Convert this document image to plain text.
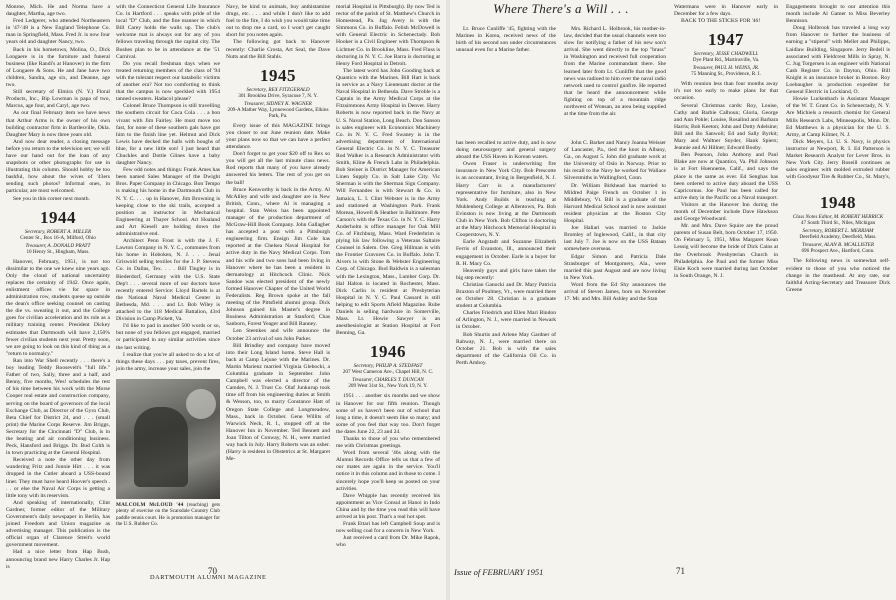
Monroe, Mich. He and Norma have a daughter, Martha, age two.

Fred Ledgerer, who attended Northeastern in '47-'48 is a New England Telephone Co. man in Springfield, Mass. Fred Jr. is now four years old and daughter Nancy, two.

Back in his hometown, Molina, O., Dick Longaere is in the furniture and funeral business (like Randi's at Hanover) in the firm of Longaere & Sons. He and Jane have two children, Sandra, age six, and Deanne, age two.

Still secretary of Elmira (N. Y.) Floral Products, Inc., Bip Lowman is papa of two, Marcus, age four, and Caryl, age two.

As our final February item we have news that Arthur Arms is the owner of his own building contractor firm in Bartlesville, Okla. Daughter Mary is now three years old.

And now dear reader, a closing message before you return to the television set; we will have our hand out for the loan of any snapshots or other photographs for use in illustrating this column. Should hobby be too bashful, how about the wives of '43ers sending such photos? Informal ones, in particular, are most welcomed.

See you in this corner next month.

1944
Secretary, ROBERT A. MILLER
Center St., Box 16-A, Milford, Ohio
Treasurer, A. DONALD PRATT
10 Henry St., Hingham, Mass.

Hanover, February, 1951, is not too dissimilar to the one we knew nine years ago. Only the cloud of national uncertainty replaces the certainty of 1942. Once again, enlistment offices vie for space in administration row, students queue up outside the dean's office seeking counsel on casting the die vs. sweating it out, and the College goes for civilian acceleration and its role as a military training center. President Dickey estimates that Dartmouth will have 2,150% fewer civilian students next year. Pretty soon, we are going to look on this kind of thing as a "return to normalcy."

Ran into War Shell recently . . . there's a boy leading Teddy Roosevelt's "full life." Father of two, Sally, three and a half, and Benny, five months, Wes! schedules the rest of his time between his work with the Morse Cooper real estate and construction company, serving on the board of governors of the local Exchange Club, as Director of the Gyro Club, Beta Chief for District 24, and . . . (small print) the Marine Corps Reserve. Jim Briggs, Secretary for the Cincinnati "D" Club, is in the beating and air conditioning business. Peck, Hansford and Briggs. Dr. Bud Colth is in town practicing at the General Hospital.

Received a note the other day from wandering Fritz and Jonnie Hirt . . . it was dropped in the Cutler aboard a USS-bound liner. They must have heard Hoover's speech . . . or else the Naval Air Corps is getting a little tony with its reservists.

And speaking of internationally, Clint Gardner, former editor of the Military Government's daily newspaper in Berlin, has joined Freedom and Union magazine as advertising manager. This publication is the official organ of Clarence Streit's world government movement.

Had a nice letter from Hap Bush, announcing brand new Harry Charles Jr. Hap is

with the Connecticut General Life Insurance Co. in Hartford . . . speaks with pride of the local "D" Club, and the fine manner in which Bill Carey holds the walls up. The club's welcome mat is always out for any of you fellows traveling through the capital city. The Bushes plan to be in attendance at the '51 Carnival.

Do you recall freshman days when we treated returning members of the class of '94 with the tolerant respect our katabolic victims of another era? Not too comforting to think that the campus is now speckled with 1954 tanned sweaters. Hadacol please?

Colonel Bruce Thompson is still travelling the southern circuit for Coca Cola . . . a bon vivant with Jim Fairley. He must move too fast, for none of these southern gals have got him to the finish line yet. Helmut and Dick Lewis have decked the halls with boughs of blue, for a new little son! I just heard that Chuckles and Dottie Glines have a baby daughter Nancy.

Few odd notes and things: Frank Ames has been named Sales Manager of the Dwight Bros. Paper Company in Chicago. Bon Tempo is making his home in the Dartmouth Club in N. Y. C. . . . up in Hanover, Jim Browning is keeping close to the ski trails, accepted a position as instructor in Mechanical Engineering at Thayer School. Art Hoaland and Art Kiesell are holding down the administrative end.

Architect Penn Frost is with the J. F. Lawton Company in N. Y. C., commutes from his home in Hoboken, N. J. . . . Jenal Griswold selling textiles for the J. P. Stevens Co. in Dallas, Tex. . . . Bill Tingley is in Biederdorf, Germany with the U.S. State Dep't . . . several more of our doctors have recently entered Service: Lloyd Bartels is at the National Naval Medical Center in Bethesda, Md. . . . and Lt. Bob Wiley is attached to the 118 Medical Battalion, 43rd Division in Camp Pickett, Va.

I'd like to pad in another 500 words or so, but none of you fellows got engaged, married or participated in any similar activities since the last writing.

I realize that you're all asked to do a lot of things these days . . . pay taxes, prevent fires, join the army, increase your sales, join the

MALCOLM McLOUD '44 (reaching) gets plenty of exercise on the Scarsdale Country Club paddle tennis court. He is promotion manager for the U.S. Rubber Co.

Navy, be kind to animals, buy anthistamine drugs, etc. . . . and while I don't like to add fuel to the fire, I do wish you would take time out to drop me a card, so I won't get caught short for you notes again.

The following got back to Hanover recently: Charlie Crosta, Art Seal, the Dave Nutts and the Bill Stahls.

1945
Secretary, REX FITZGERALD
301 Brooklea Drive, Syracuse 7, N. Y.
Treasurer, SIDNEY K. WAGNER
209-A Mather Way, Lynnewood Gardens, Elkins Park, Pa.

Every issue of this MAGAZINE brings you closer to our June reunion date. Make your plans now so that we can have a perfect attendance.

Don't forget to get your $20 off to Rex so you will get all the last minute class news. Rod reports that many of you have already answered his letters. The rest of you get on the ball!

Bruce Kenworthy is back in the Army. Al McAliley and wife and daughter are in New British, Conn., where Al is managing a hospital. Stan Weiss has been appointed manager of the production department of McGraw-Hill Book Company. John Gallagher has accepted a post with a Pittsburgh engineering firm. Ensign Jim Cole has reported at the Chelsea Naval Hospital for active duty in the Navy Medical Corps. Tom and his wife and two sons had been living in Hanover where he has been a resident in dermatology at Hitchcock Clinic. Nick Sandoe was elected president of the newly formed Hanover Chapter of the United World Federalists. Reg Brown spoke at the fall meeting of the Pittsfield alumni group. Dick Johnson gained his Master's degree in Business Administration at Stanford; Chas Sanborn, Forest Yeager and Bill Ranney.

Len Steenkes and wife announce the October 23 arrival of son John Parker.

Bill Brindley and company have moved into their Long Island home. Steve Hall is back at Camp Lejune with the Marines. Dr. Martin Marienz married Virginia Glebocki, a Columbia graduate in September. John Campbell was elected a director of the Camden, N. J. Trust Co. Olaf Junkurup took time off from his engineering duties at Smith & Wesson, too, to marry Constance Hatt of Oregon State College and Longmeadow, Mass., back in October. Gene Willits of Warwick Neck, R. I., stopped off at the Hanover Inn in November. Ted Bennett and Joan Tilton of Conway, N. H., were married way back in July. Harry Roberts was an usher. (Harry is resident in Obstetrics at St. Margaret Me-

morial Hospital in Pittsburgh). By now Ted is rector of the parish of St. Matthew's Church in Homestead, Pa. Jug Avery is with the Simmons Co. in Buffalo. Felish McDowell is with General Electric in Schenectady. Bob Hooker is a Civil Engineer with Thompson & Lichtner Co. in Brookline, Mass. Fred Fluss is doctoring in N. Y. C. Joe Barra is doctoring at Henry Ford Hospital in Detroit.

The latest word has John Gooding back at Quantico with the Marines. Bill Hart is back in service as a Navy Lieutenant doctor at the Naval Hospital in Bethesda. Dave Stroble is a Captain in the Army Medical Corps at the Fitzsimmons Army Hospital in Denver. Harry Roberts is now reported back in the Navy at U. S. Naval Station, Long Beach. Don Sanson is sales engineer with Economics Machinery Co. in N. Y. C. Fred Swaney is in the advertising department of International General Electric Co. in N. Y. C. Treasurer Rod Walker is a Research Administrator with Smith, Kline & French Labs in Philadelphia. Bob Steiner is District Manager for American Linen Supply Co. in Salt Lake City. Vic Sherman is with the Sherman Sign Company. Will Fernandes is with Stewart & Co. in Jamaica, L. I. Clint Webster is in the Army and stationed at Washington Park. Frank Moreau, Howell & Heather in Baltimore. Pete Carson's with the Texas Co. in N. Y. C. Harry Anderholm is office manager for Oak Mill Co. of Fitchburg, Mass. Ward Frederhrim is plying his law following a Veterans Saltaire Counsel in Salem. Ore. Greg Hillman is with the Frontier Gravures Co. in Buffalo. John T. Alvers is with Stone & Webster Engineering Corp. of Chicago. Bud Baldwin is a salesman with the Lexington, Mass., Lumber Corp. Dr. Hal Halton is located in Rochester, Mass. Dick Carlin is resident at Presbyterian Hospital in N. Y. C. Paul Cassard is still helping to edit Sports Afield Magazine. Rube Daniels is selling hardware in Somerville, Mass. Lt. Howie Sawyer is an anesthesiologist at Station Hospital at Fort Benning, Ga.

1946
Secretary, PHILIP A. STEDFAST
207 West Cameron Ave., Chapel Hill, N. C.
Treasurer, CHARLES T. DUNCAN
209 West 31st St., New York 19, N. Y.

1951 . . . another six months and we show in Hanover for our fifth reunion. Though some of us haven't been out of school that long a time, it doesn't seem like so many; and some of you feel that way too. Don't forget the dates June 22, 23 and 24.

Thanks to those of you who remembered me with Christmas greetings.

Word from several '46s along with the Alumni Records Office tells us that a few of our mates are again in the service. You'll notice it in this column and in those to come. I sincerely hope you'll keep us posted on your activities.

Dave Whipple has recently received his appointment as Vice Consul at Hanoi in Indo China and by the time you read this will have arrived at his post. That's a real hot spot.

Frank Ettari has left Campbell Soup and is now selling coal for a concern in New York.

Just received a card from Dr. Mike Rapok, who

70
DARTMOUTH ALUMNI MAGAZINE
Where There's a Will . . .

Lt. Bruce Cunliffe '45, fighting with the Marines in Korea, received news of the birth of his second son under circumstances unusual even for a Marine father.

Mrs. Richard L. Holbrook, his mother-in-law, decided that the usual channels were too slow for notifying a father of his new son's arrival. She went directly to the top "brass" in Washington and received full cooperation from the Marine commandant there. She learned later from Lt. Cunliffe that the good news was radioed to him over the naval radio network used to control gunfire. He reported that he heard the announcement while fighting on top of a mountain ridge northwest of Wonsan, an area being supplied at the time from the air.

has been recalled to active duty, and is now doing neurosurgery and general surgery aboard the USS Haven in Korean waters.

Owen Fraser is underwriting fire insurance in New York City. Bob Prescotte is an accountant, living in Bergenfield, N. J. Harry Carr is a manufacturers' representative for furniture, also in New York. Andy Builds is teaching at Muhlenberg College at Allentown, Pa. Bob Evinston is now living at the Dartmouth Club in New York. Bob Clifton is doctoring at the Mary Hitchcock Memorial Hospital in Cooperstown, N. Y.

Earle Angstadt and Suzanne Elizabeth Ferris of Evanston, Ill., announced their engagement in October. Earle is a buyer for R. H. Macy Co.

Heavenly guys and girls have taken the big step recently:

Christian Ganocki and Dr. Mary Patricia Braxton of Poultney, Vt., were married there on October 28. Christian is a graduate student at Columbia.

Charles Friedrich and Ellen Mari Bindon of Arlington, N. J., were married in Newark in October.

Bob Shurtis and Arlene May Gardner of Rahway, N. J., were married there on October 21. Bob is with the sales department of the California Oil Co. in Perth Amboy.

John C. Barker and Nancy Joanna Weisser of Lancaster, Pa., tied the knot in Albany, Ga., on August 5. John did graduate work at the University of Oslo in Norway. Prior to his recall to the Navy he worked for Wallace Silversmiths in Wallingford, Conn.

Dr. William Birkhead has married to Mildred Paige French on October 1 in Middlebury, Vt. Bill is a graduate of the Harvard Medical School and is now assistant resident physician at the Boston City Hospital.

Joe Haliari was married to Jackie Bromley of Inglewood, Calif., in that city last July 7. Joe is now on the USS Bataan somewhere overseas.

Edgar Simon and Patricia Dale Strasburger of Montgomery, Ala., were married this past August and are now living in New York.

Word from the Ed Shy announces the arrival of Steven James, born on November 17. Mr. and Mrs. Bill Ashley and the Stan

Watermans were in Hanover early in December for a few days.

BACK TO THE STICKS FOR '46!

1947
Secretary, JESSE CHADWELL
Dye Plant Rd., Martinsville, Va.
Treasurer, PAUL H. WEINS, JR.
75 Manning St., Providence, R. I.

With reunion less than four months away it's not too early to make plans for that occasion.

Several Christmas cards: Roy, Louise, Cathy and Barbie Calhoun; Gloria, George and Ann Pohle; Louise, Rosalind and Barbara Harris; Bob Keeton; John and Dotty Adelsine; Bill and Bo Sanwoli; Ed and Sally Byrkit; Mary and Waltner Snyder, Hank Spiers; Jeannie and Al Hillner; Edward Booby.

Ben Pearson, John Anthony and Paul Blake are now at Quantico, Va. Phil Johnson is at Fort Huenneme, Calif., and says the place is the same as ever. Ed Senghas has been ordered to active duty aboard the USS Capricornus. Joe Paul has been called for active duty in the Pacific on a Naval transport.

Visitors at the Hanover Inn during the month of December include Dave Hawkson and George Woodward.

Mr. and Mrs. Dave Squire are the proud parents of Susan Belt, born October 17, 1950. On February 5, 1951, Miss Margaret Kean Lessig will become the bride of Dick Cains at the Overbrook Presbyterian Church in Philadelphia. Joe Paul and the former Miss Elsie Koch were married during last October in South Orange, N. J.

Engagements brought to our attention this month include Al Gamer to Miss Beverley Bennison.

Doug Holbrook has traveled a long way from Hanover to further the business of earning a "stipend" with Mellet and Philipps, Laidlaw Building, Singapore. Jerry Bedell is associated with Fieldcrest Mills in Spray, N. C. Jug Torgersen is an engineer with National Cash Register Co. in Dayton, Ohio. Bill Knight is an insurance broker in Boston. Roy Loebaugher is production expediter for General Electric in Lockland, O.

Howie Luckenbach is Assistant Manager of the W. T. Grant Co. in Schenectady, N. Y. Are Michiels a research chemist for General Mills Research Labs, Minneapolis, Minn. Dr. Ed Matthews is a physician for the U. S. Army, at Camp Kilmer, N. J.

Dick Meyers, Lt. U. S. Navy, is physics instructor at Newport, R. I. Ed Patterson is Market Research Analyst for Lever Bros. in New York City. Jerry Roseill continues as sales engineer with molded extruded rubber with Goodyear Tire & Rubber Co., St. Mary's, O.

1948
Class Notes Editor, M. ROBERT HERRICK
47 South Third St., Niles, Michigan
Secretary, ROBERT L. MERRIAM
Deerfield Academy, Deerfield, Mass.
Treasurer, ALAN B. MCALLISTER
696 Prospect Ave., Hartford, Conn.

The following news is somewhat self-evident to those of you who noticed the change in the masthead. At any rate, our faithful Acting-Secretary and Treasurer Dick Greene

Issue of FEBRUARY 1951	71
